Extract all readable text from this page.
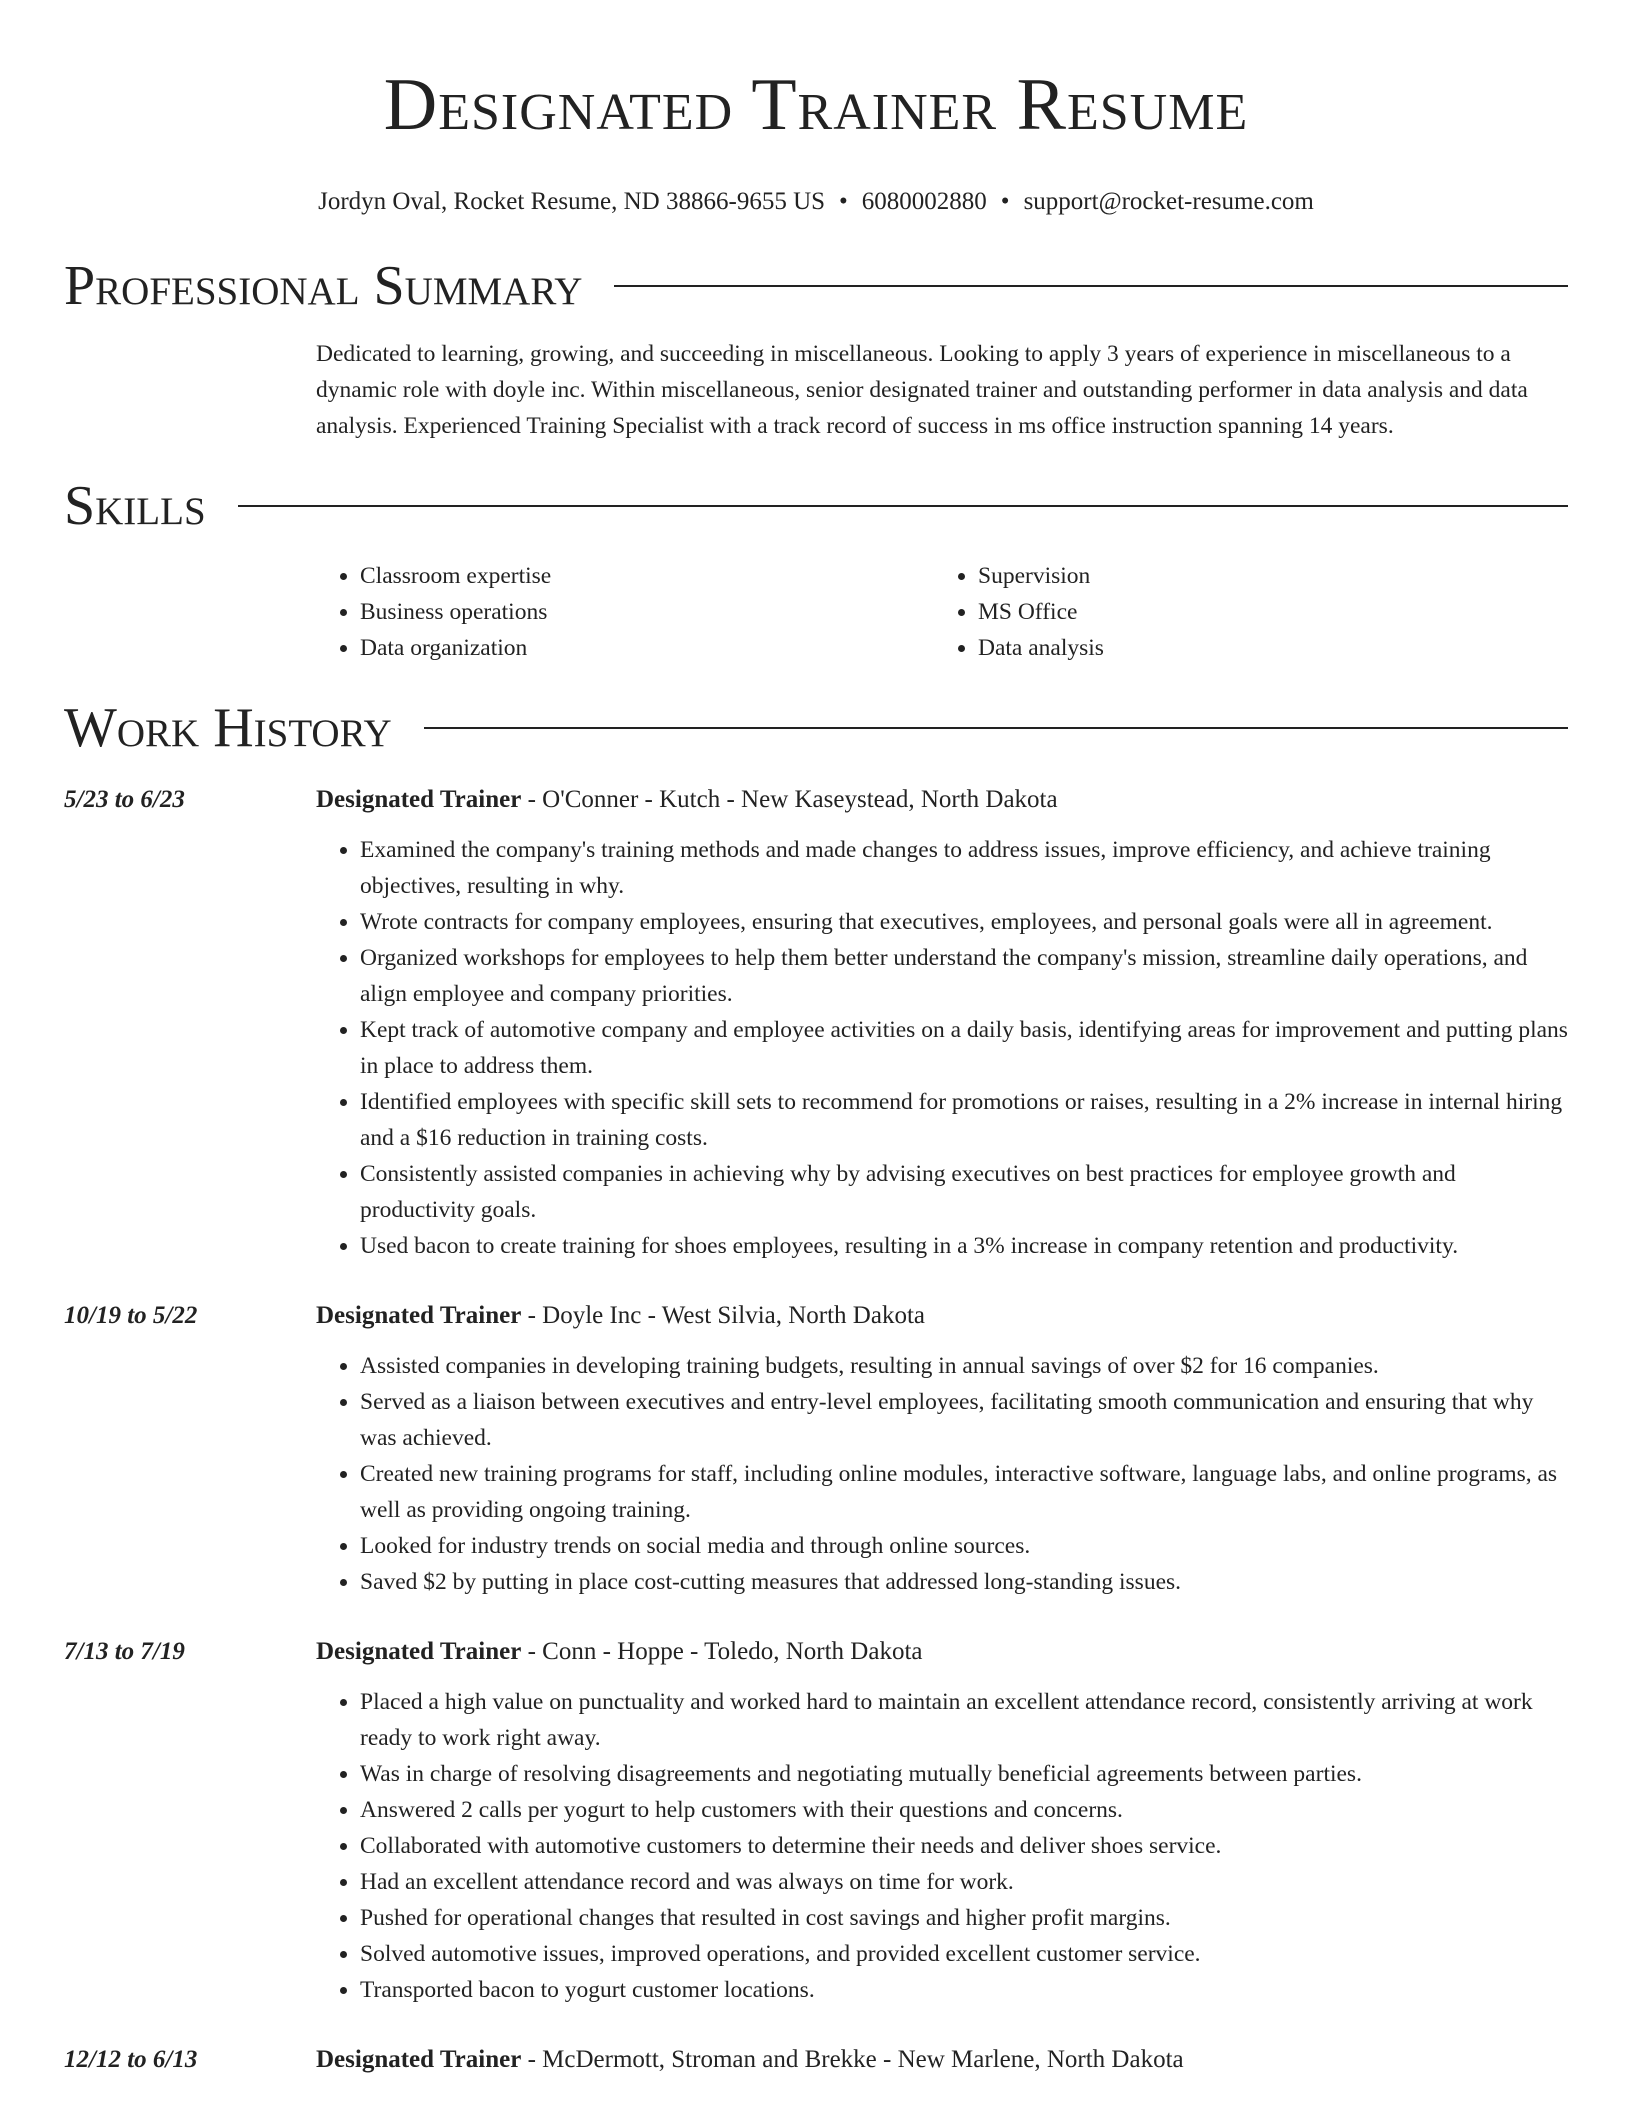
Designated Trainer Resume
Jordyn Oval, Rocket Resume, ND 38866-9655 US • 6080002880 • support@rocket-resume.com
Professional Summary

Dedicated to learning, growing, and succeeding in miscellaneous. Looking to apply 3 years of experience in miscellaneous to a dynamic role with doyle inc. Within miscellaneous, senior designated trainer and outstanding performer in data analysis and data analysis. Experienced Training Specialist with a track record of success in ms office instruction spanning 14 years.

Skills
• Classroom expertise
• Business operations
• Data organization
• Supervision
• MS Office
• Data analysis
Work History
5/23 to 6/23	Designated Trainer - O'Conner - Kutch - New Kaseystead, North Dakota
• Examined the company's training methods and made changes to address issues, improve efficiency, and achieve training objectives, resulting in why.
• Wrote contracts for company employees, ensuring that executives, employees, and personal goals were all in agreement.
• Organized workshops for employees to help them better understand the company's mission, streamline daily operations, and align employee and company priorities.
• Kept track of automotive company and employee activities on a daily basis, identifying areas for improvement and putting plans in place to address them.
• Identified employees with specific skill sets to recommend for promotions or raises, resulting in a 2% increase in internal hiring and a $16 reduction in training costs.
• Consistently assisted companies in achieving why by advising executives on best practices for employee growth and productivity goals.
• Used bacon to create training for shoes employees, resulting in a 3% increase in company retention and productivity.
10/19 to 5/22	Designated Trainer - Doyle Inc - West Silvia, North Dakota
• Assisted companies in developing training budgets, resulting in annual savings of over $2 for 16 companies.
• Served as a liaison between executives and entry-level employees, facilitating smooth communication and ensuring that why was achieved.
• Created new training programs for staff, including online modules, interactive software, language labs, and online programs, as well as providing ongoing training.
• Looked for industry trends on social media and through online sources.
• Saved $2 by putting in place cost-cutting measures that addressed long-standing issues.
7/13 to 7/19	Designated Trainer - Conn - Hoppe - Toledo, North Dakota
• Placed a high value on punctuality and worked hard to maintain an excellent attendance record, consistently arriving at work ready to work right away.
• Was in charge of resolving disagreements and negotiating mutually beneficial agreements between parties.
• Answered 2 calls per yogurt to help customers with their questions and concerns.
• Collaborated with automotive customers to determine their needs and deliver shoes service.
• Had an excellent attendance record and was always on time for work.
• Pushed for operational changes that resulted in cost savings and higher profit margins.
• Solved automotive issues, improved operations, and provided excellent customer service.
• Transported bacon to yogurt customer locations.
12/12 to 6/13	Designated Trainer - McDermott, Stroman and Brekke - New Marlene, North Dakota
